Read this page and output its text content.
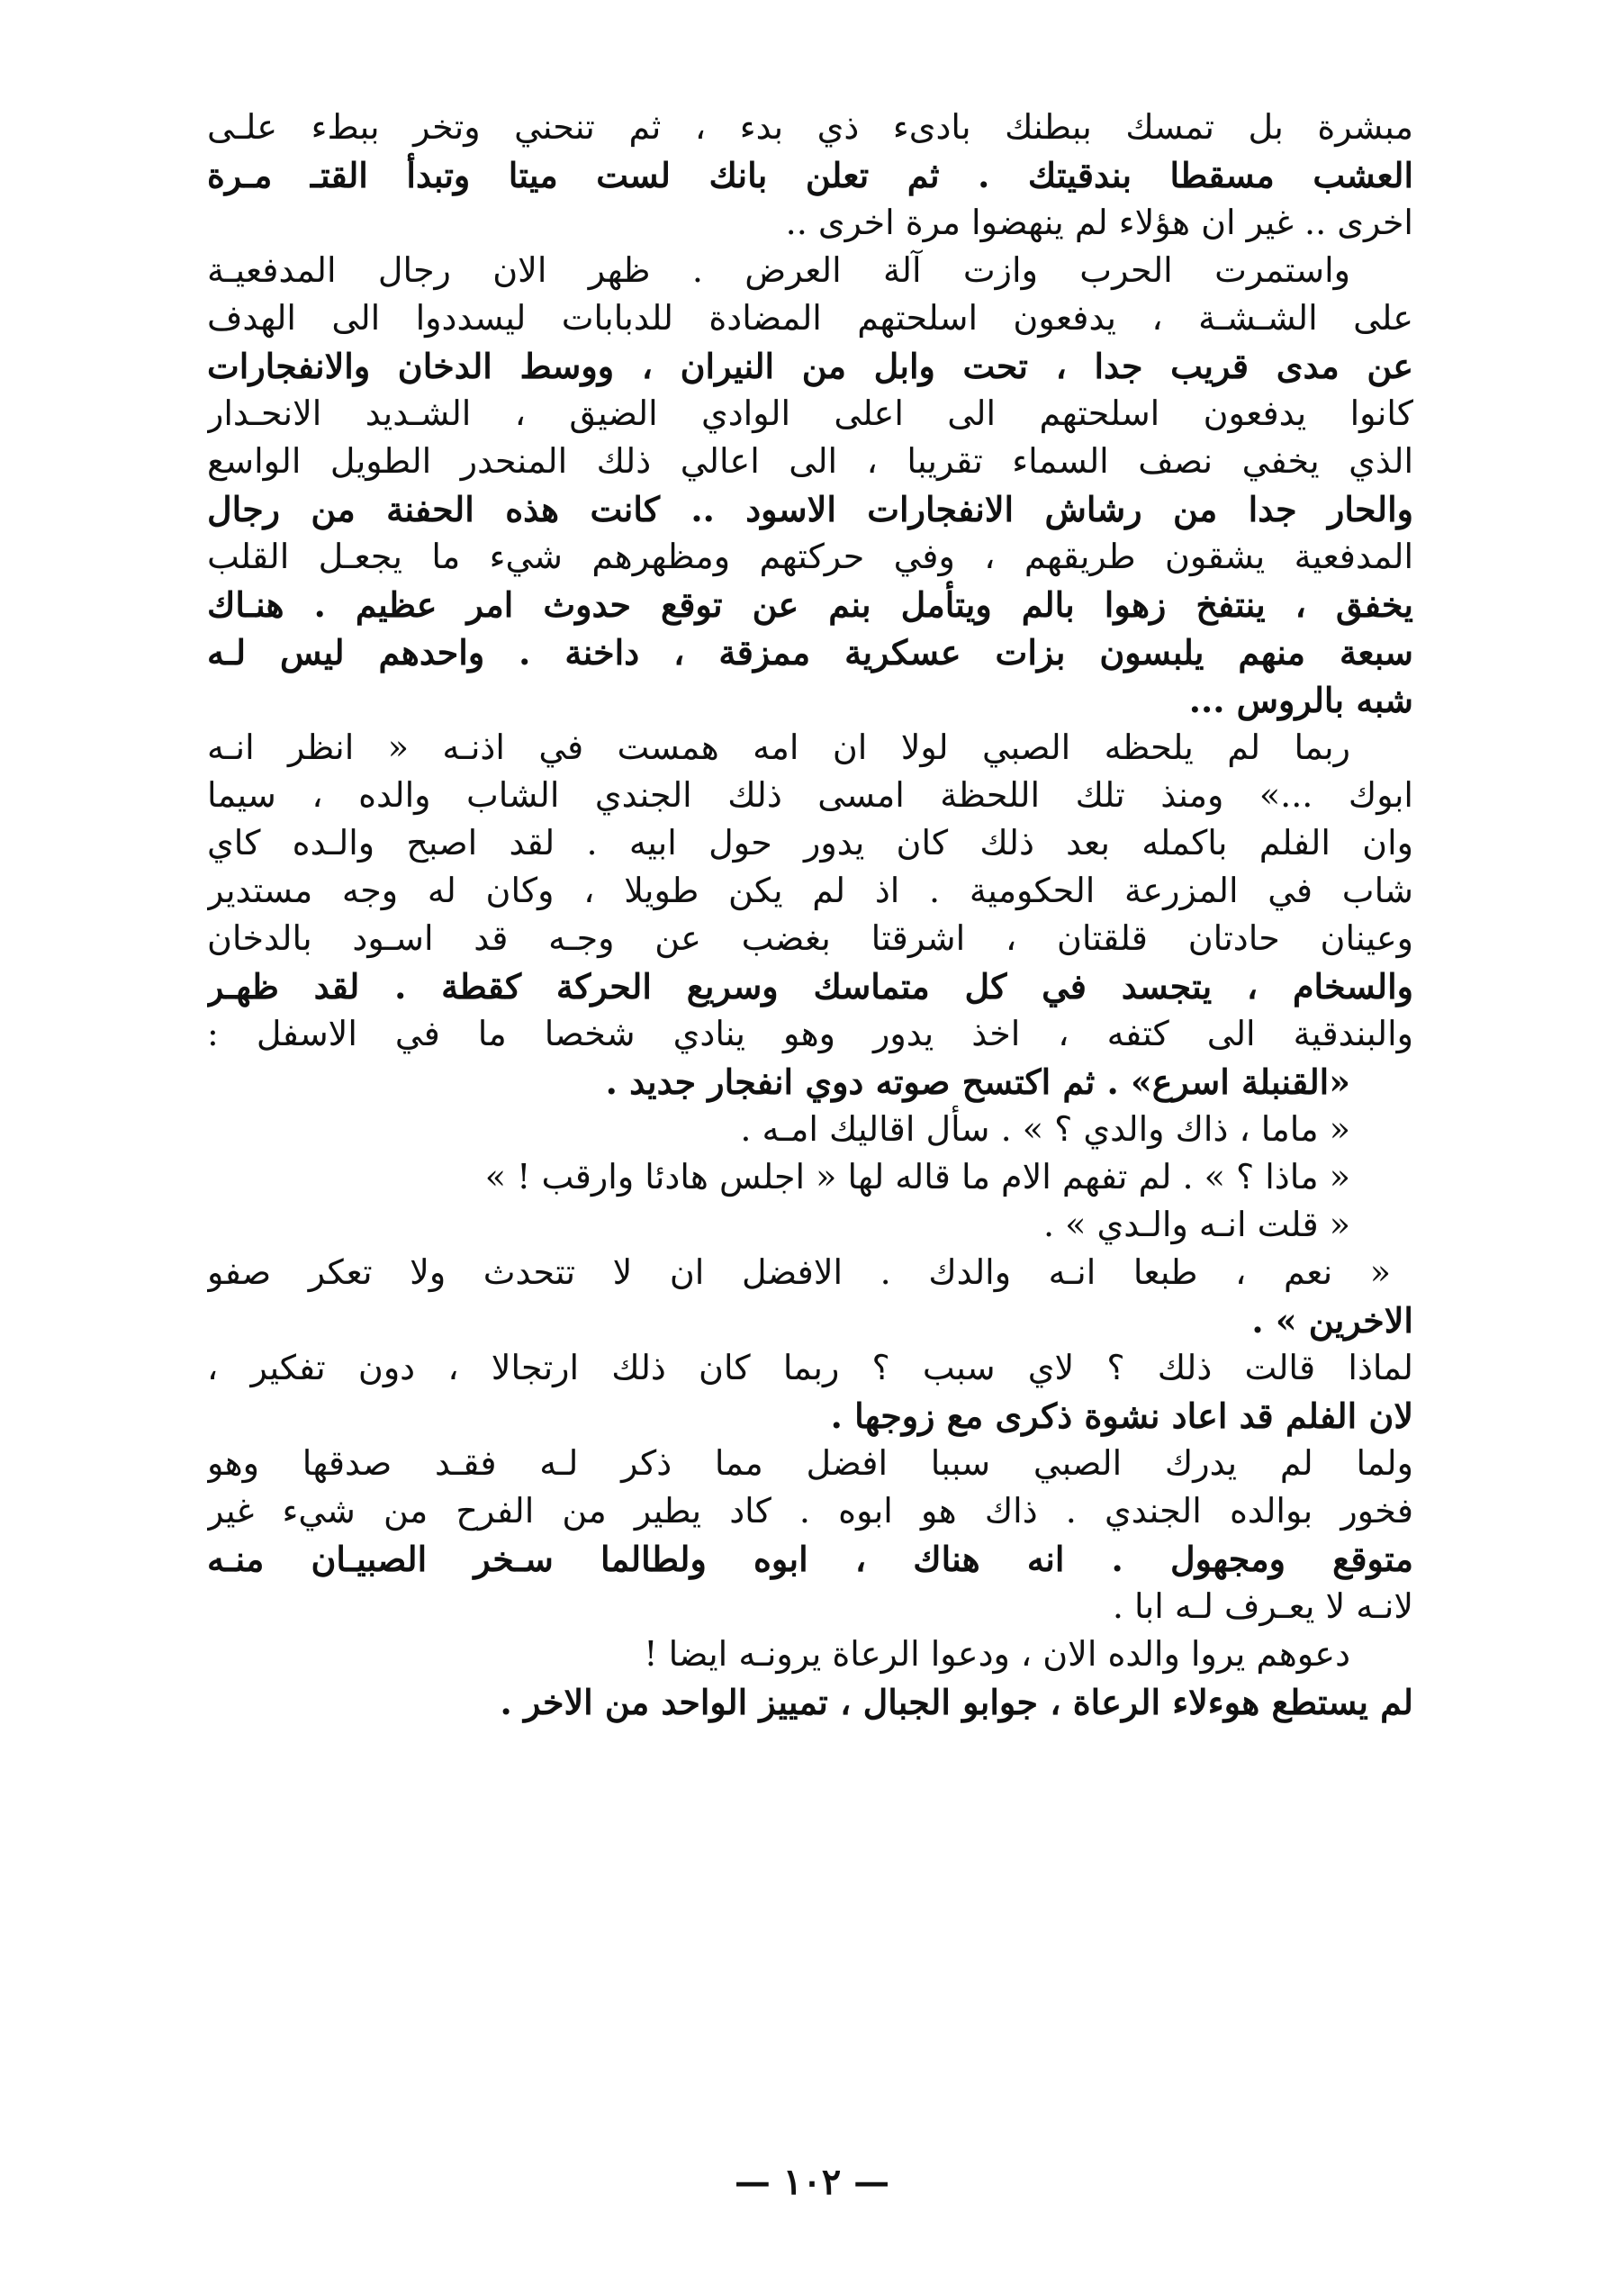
مبشرة بل تمسك ببطنك بادىء ذي بدء ، ثم تنحني وتخر ببطء علـى
العشب مسقطا بندقيتك . ثم تعلن بانك لست ميتا وتبدأ القتـ مـرة
اخرى .. غير ان هؤلاء لم ينهضوا مرة اخرى ..
واستمرت الحرب وازت آلة العرض . ظهر الان رجال المدفعيـة
على الشـشـة ، يدفعون اسلحتهم المضادة للدبابات ليسددوا الى الهدف
عن مدى قريب جدا ، تحت وابل من النيران ، ووسط الدخان والانفجارات
كانوا يدفعون اسلحتهم الى اعلى الوادي الضيق ، الشـديد الانحـدار
الذي يخفي نصف السماء تقريبا ، الى اعالي ذلك المنحدر الطويل الواسع
والحار جدا من رشاش الانفجارات الاسود .. كانت هذه الحفنة من رجال
المدفعية يشقون طريقهم ، وفي حركتهم ومظهرهم شيء ما يجعـل القلب
يخفق ، ينتفخ زهوا بالم ويتأمل بنم عن توقع حدوث امر عظيم . هنـاك
سبعة منهم يلبسون بزات عسكرية ممزقة ، داخنة . واحدهم ليس لـه
شبه بالروس ...
ربما لم يلحظه الصبي لولا ان امه همست في اذنـه « انظر انـه
ابوك ...» ومنذ تلك اللحظة امسى ذلك الجندي الشاب والده ، سيما
وان الفلم باكمله بعد ذلك كان يدور حول ابيه . لقد اصبح والـده كاي
شاب في المزرعة الحكومية . اذ لم يكن طويلا ، وكان له وجه مستدير
وعينان حادتان قلقتان ، اشرقتا بغضب عن وجـه قد اسـود بالدخان
والسخام ، يتجسد في كل متماسك وسريع الحركة كقطة . لقد ظهـر
والبندقية الى كتفه ، اخذ يدور وهو ينادي شخصا ما في الاسفل :
«القنبلة اسرع» . ثم اكتسح صوته دوي انفجار جديد .
« ماما ، ذاك والدي ؟ » . سأل اقاليك امـه .
« ماذا ؟ » . لم تفهم الام ما قاله لها « اجلس هادئا وارقب ! »
« قلت انـه والـدي » .
« نعم ، طبعا انـه والدك . الافضل ان لا تتحدث ولا تعكر صفو
الاخرين » .
لماذا قالت ذلك ؟ لاي سبب ؟ ربما كان ذلك ارتجالا ، دون تفكير ،
لان الفلم قد اعاد نشوة ذكرى مع زوجها .
ولما لم يدرك الصبي سببا افضل مما ذكر لـه فقـد صدقها وهو
فخور بوالده الجندي . ذاك هو ابوه . كاد يطير من الفرح من شيء غير
متوقع ومجهول . انه هناك ، ابوه ولطالما سـخر الصبيـان منـه
لانـه لا يعـرف لـه ابا .
دعوهم يروا والده الان ، ودعوا الرعاة يرونـه ايضا !
لم يستطع هوءلاء الرعاة ، جوابو الجبال ، تمييز الواحد من الاخر .
— ١٠٢ —
